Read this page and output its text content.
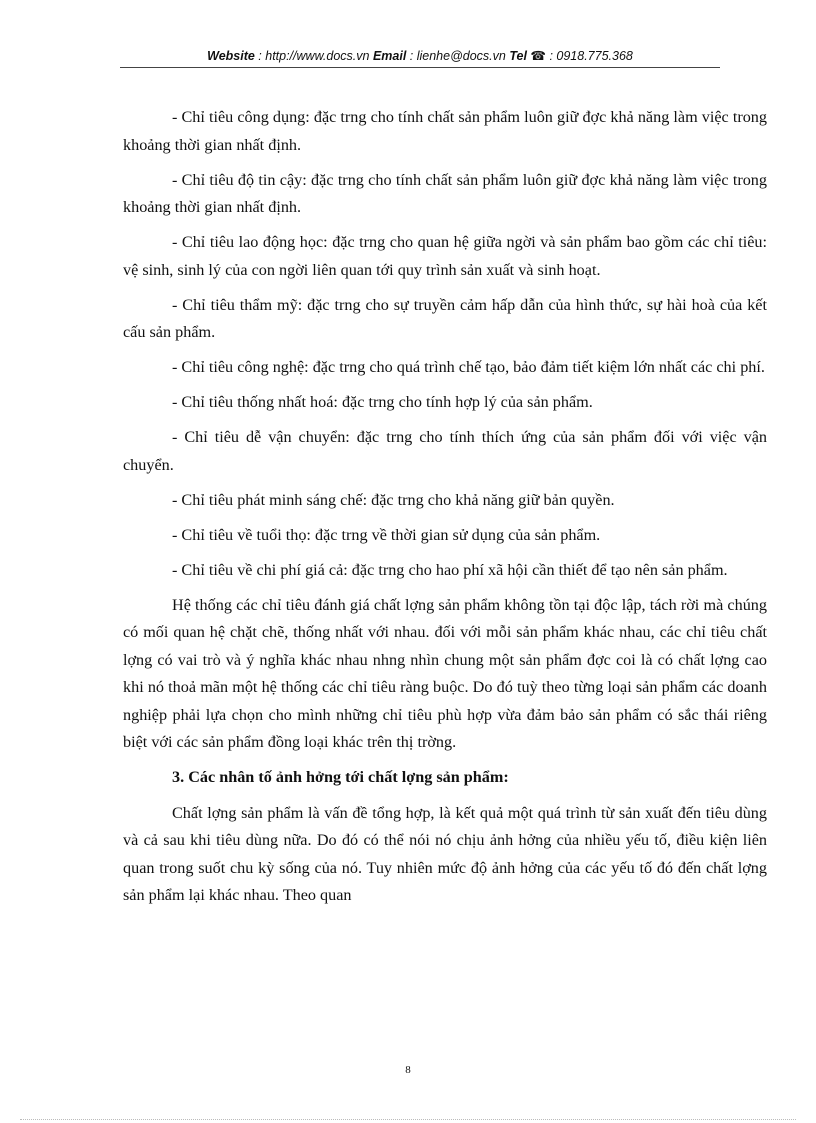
Website : http://www.docs.vn Email : lienhe@docs.vn Tel ☎ : 0918.775.368

- Chỉ tiêu công dụng: đặc trng cho tính chất sản phẩm luôn giữ đợc khả năng làm việc trong khoảng thời gian nhất định.

- Chỉ tiêu độ tin cậy: đặc trng cho tính chất sản phẩm luôn giữ đợc khả năng làm việc trong khoảng thời gian nhất định.

- Chỉ tiêu lao động học: đặc trng cho quan hệ giữa ngời và sản phẩm bao gồm các chỉ tiêu: vệ sinh, sinh lý của con ngời liên quan tới quy trình sản xuất và sinh hoạt.

- Chỉ tiêu thẩm mỹ: đặc trng cho sự truyền cảm hấp dẫn của hình thức, sự hài hoà của kết cấu sản phẩm.

- Chỉ tiêu công nghệ: đặc trng cho quá trình chế tạo, bảo đảm tiết kiệm lớn nhất các chi phí.

- Chỉ tiêu thống nhất hoá: đặc trng cho tính hợp lý của sản phẩm.

- Chỉ tiêu dễ vận chuyển: đặc trng cho tính thích ứng của sản phẩm đối với việc vận chuyển.

- Chỉ tiêu phát minh sáng chế: đặc trng cho khả năng giữ bản quyền.

- Chỉ tiêu về tuổi thọ: đặc trng về thời gian sử dụng của sản phẩm.

- Chỉ tiêu về chi phí giá cả: đặc trng cho hao phí xã hội cần thiết để tạo nên sản phẩm.

Hệ thống các chỉ tiêu đánh giá chất lợng sản phẩm không tồn tại độc lập, tách rời mà chúng có mối quan hệ chặt chẽ, thống nhất với nhau. đối với mỗi sản phẩm khác nhau, các chỉ tiêu chất lợng có vai trò và ý nghĩa khác nhau nhng nhìn chung một sản phẩm đợc coi là có chất lợng cao khi nó thoả mãn một hệ thống các chỉ tiêu ràng buộc. Do đó tuỳ theo từng loại sản phẩm các doanh nghiệp phải lựa chọn cho mình những chỉ tiêu phù hợp vừa đảm bảo sản phẩm có sắc thái riêng biệt với các sản phẩm đồng loại khác trên thị trờng.

3. Các nhân tố ảnh hởng tới chất lợng sản phẩm:

Chất lợng sản phẩm là vấn đề tổng hợp, là kết quả một quá trình từ sản xuất đến tiêu dùng và cả sau khi tiêu dùng nữa. Do đó có thể nói nó chịu ảnh hởng của nhiều yếu tố, điều kiện liên quan trong suốt chu kỳ sống của nó. Tuy nhiên mức độ ảnh hởng của các yếu tố đó đến chất lợng sản phẩm lại khác nhau. Theo quan

8
